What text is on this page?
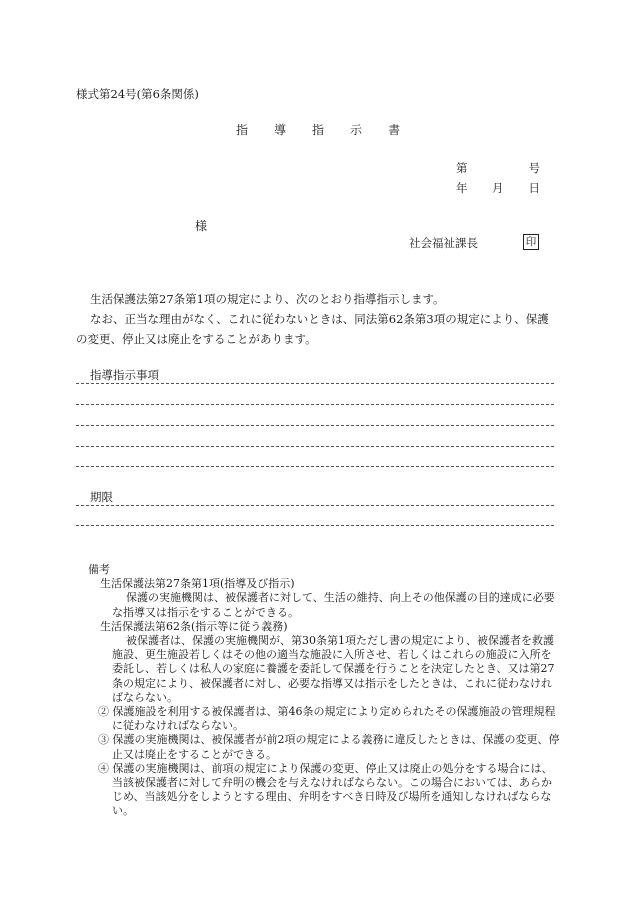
様式第24号(第6条関係)
指 導 指 示 書
第	号
年 月 日
様
社会福祉課長	印
生活保護法第27条第1項の規定により、次のとおり指導指示します。
なお、正当な理由がなく、これに従わないときは、同法第62条第3項の規定により、保護の変更、停止又は廃止をすることがあります。
指導指示事項
期限
備考
生活保護法第27条第1項(指導及び指示)
保護の実施機関は、被保護者に対して、生活の維持、向上その他保護の目的達成に必要な指導又は指示をすることができる。
生活保護法第62条(指示等に従う義務)
被保護者は、保護の実施機関が、第30条第1項ただし書の規定により、被保護者を救護施設、更生施設若しくはその他の適当な施設に入所させ、若しくはこれらの施設に入所を委託し、若しくは私人の家庭に養護を委託して保護を行うことを決定したとき、又は第27条の規定により、被保護者に対し、必要な指導又は指示をしたときは、これに従わなければならない。
② 保護施設を利用する被保護者は、第46条の規定により定められたその保護施設の管理規程に従わなければならない。
③ 保護の実施機関は、被保護者が前2項の規定による義務に違反したときは、保護の変更、停止又は廃止をすることができる。
④ 保護の実施機関は、前項の規定により保護の変更、停止又は廃止の処分をする場合には、当該被保護者に対して弁明の機会を与えなければならない。この場合においては、あらかじめ、当該処分をしようとする理由、弁明をすべき日時及び場所を通知しなければならない。
